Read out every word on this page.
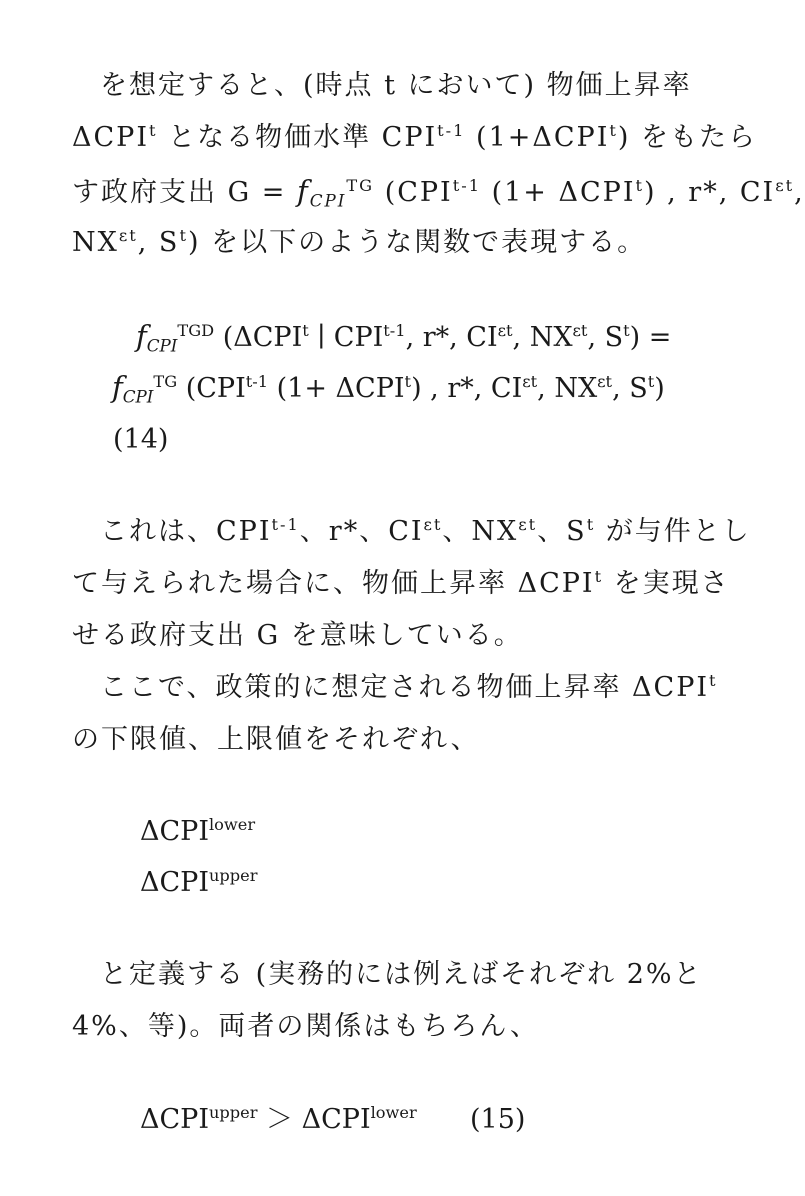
を想定すると、(時点 t において) 物価上昇率
ΔCPI$^t$ となる物価水準 CPI$^{t-1}$ $(1+\Delta CPI^t)$ をもたら
す政府支出 $G = f_{CPI}^{TG}$ (CPI$^{t-1}$ $(1+ \Delta CPI^t)$ , r*, $CI^{\varepsilon t}$,
$NX^{\varepsilon t}$, $S^t$) を以下のような関数で表現する。
$f_{CPI}^{TGD}$ (ΔCPI$^t$ ∣ CPI$^{t-1}$, r*, $CI^{\varepsilon t}$, $NX^{\varepsilon t}$, $S^t$) =
$f_{CPI}^{TG}$ (CPI$^{t-1}$ $(1+ \Delta CPI^t)$ , r*, $CI^{\varepsilon t}$, $NX^{\varepsilon t}$, $S^t$)
(14)
これは、CPI$^{t-1}$、r*、$CI^{\varepsilon t}$、$NX^{\varepsilon t}$、$S^t$ が与件とし
て与えられた場合に、物価上昇率 ΔCPI$^t$ を実現さ
せる政府支出 G を意味している。
ここで、政策的に想定される物価上昇率 ΔCPI$^t$
の下限値、上限値をそれぞれ、
$\Delta CPI^{lower}$
$\Delta CPI^{upper}$
と定義する (実務的には例えばそれぞれ 2%と
4%、等)。両者の関係はもちろん、
$\Delta CPI^{upper} > \Delta CPI^{lower}$ (15)
